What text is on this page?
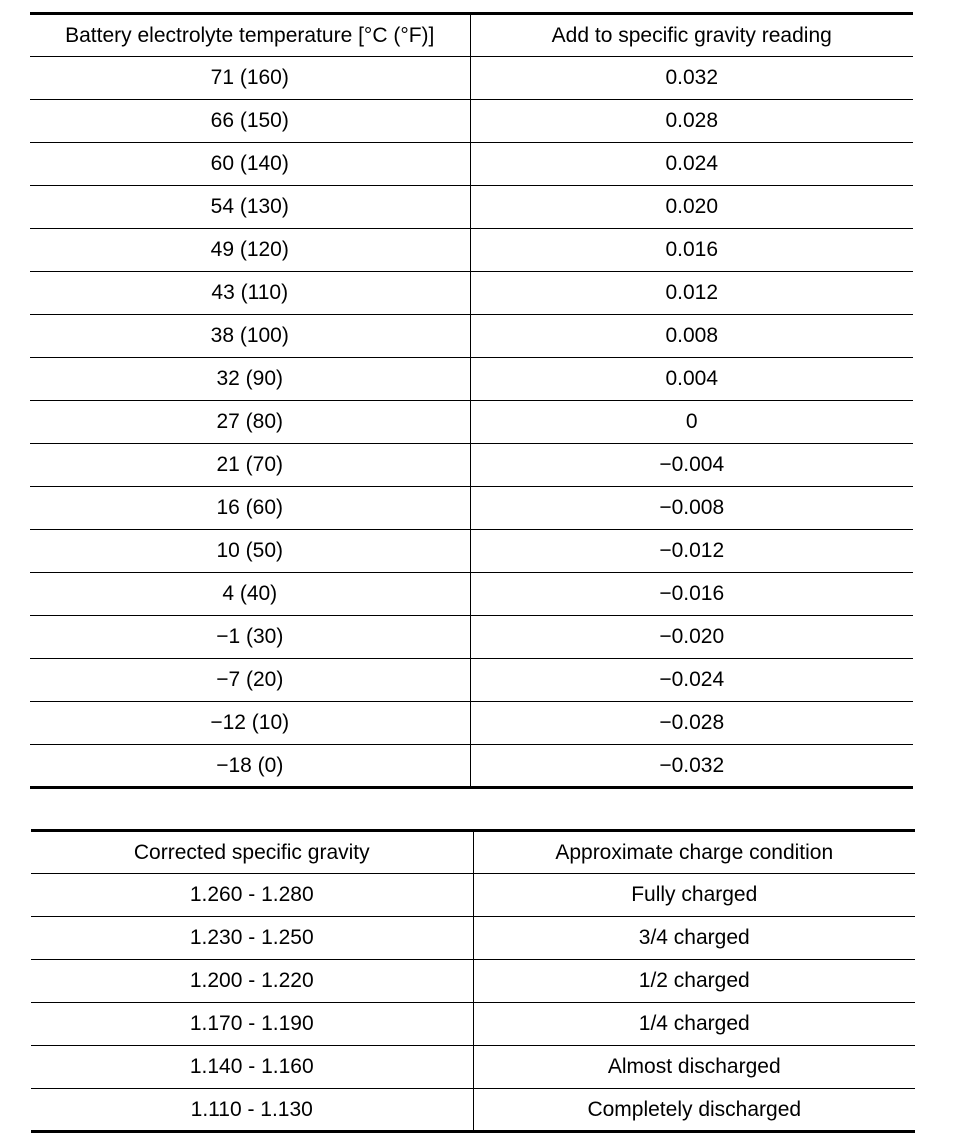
Battery electrolyte temperature [°C (°F)]	Add to specific gravity reading
71 (160)	0.032
66 (150)	0.028
60 (140)	0.024
54 (130)	0.020
49 (120)	0.016
43 (110)	0.012
38 (100)	0.008
32 (90)	0.004
27 (80)	0
21 (70)	−0.004
16 (60)	−0.008
10 (50)	−0.012
4 (40)	−0.016
−1 (30)	−0.020
−7 (20)	−0.024
−12 (10)	−0.028
−18 (0)	−0.032
Corrected specific gravity	Approximate charge condition
1.260 - 1.280	Fully charged
1.230 - 1.250	3/4 charged
1.200 - 1.220	1/2 charged
1.170 - 1.190	1/4 charged
1.140 - 1.160	Almost discharged
1.110 - 1.130	Completely discharged
